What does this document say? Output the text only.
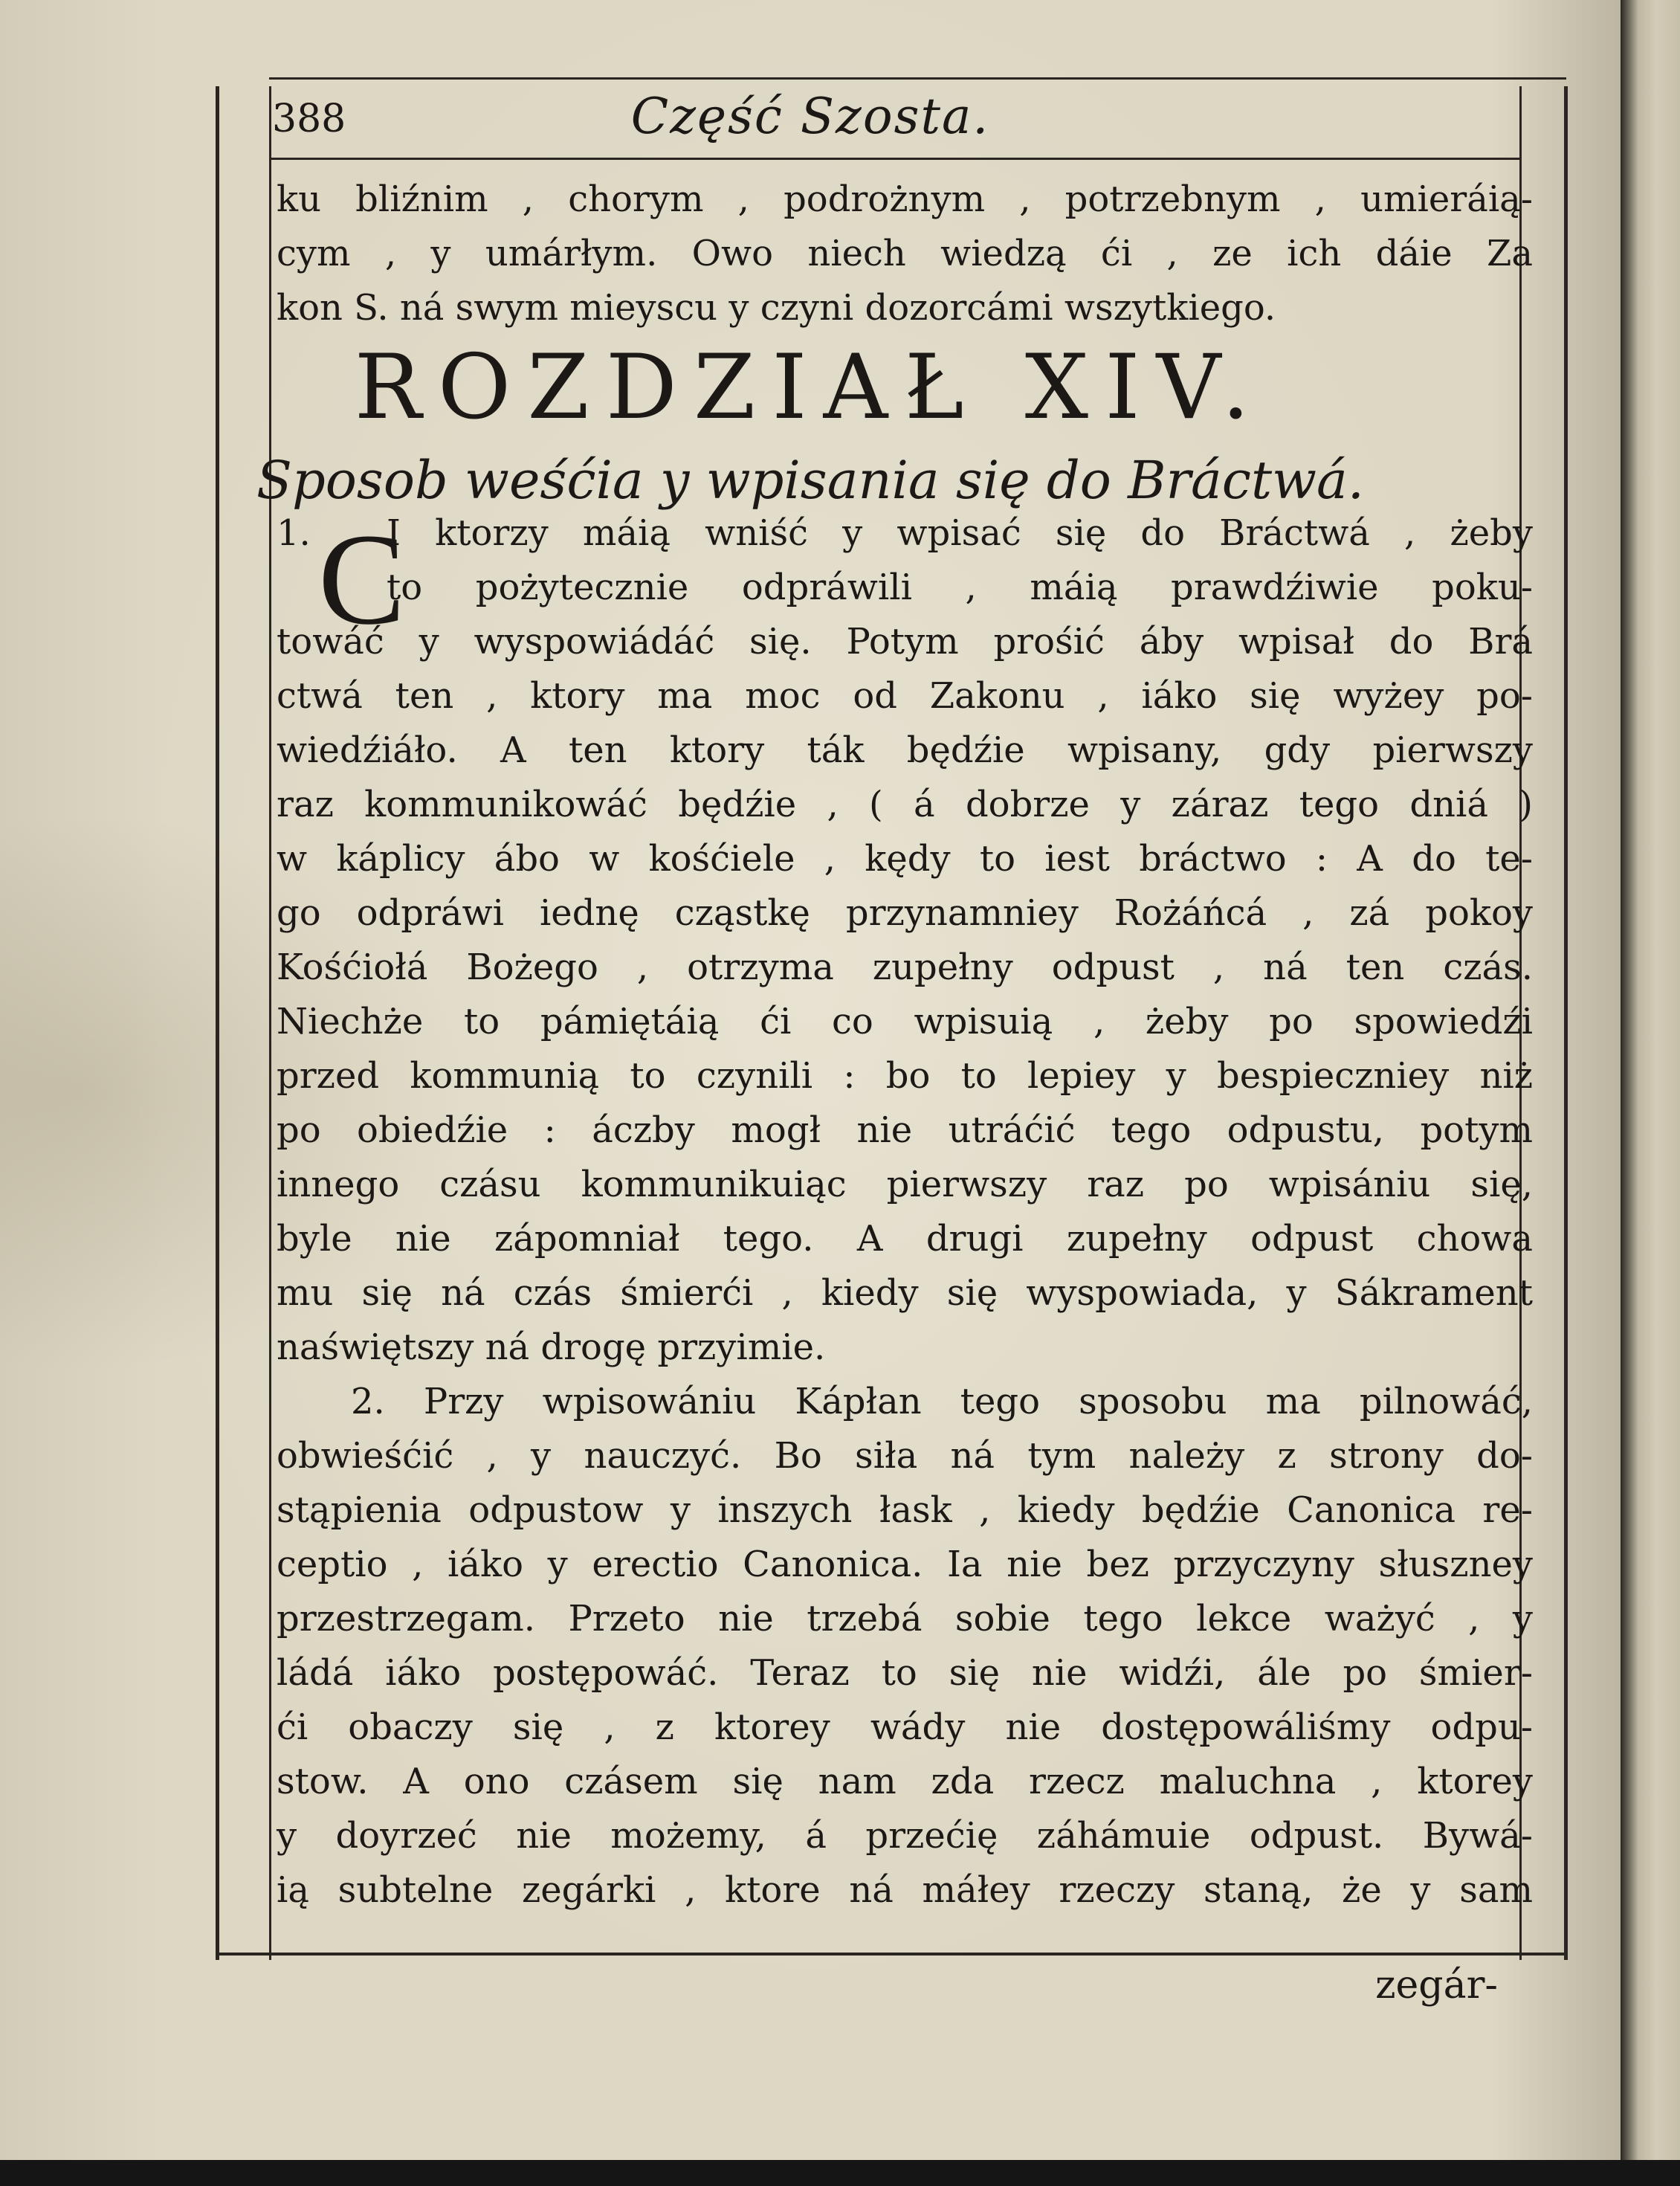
388	Część Szosta.
ku bliźnim , chorym , podrożnym , potrzebnym , umieráią-
cym , y umárłym. Owo niech wiedzą ći , ze ich dáie Za
kon S. ná swym mieyscu y czyni dozorcámi wszytkiego.
1. I ktorzy máią wniść y wpisać się do Bráctwá , żeby
to pożytecznie odpráwili , máią prawdźiwie poku-
towáć y wyspowiádáć się. Potym prośić áby wpisał do Brá
ctwá ten , ktory ma moc od Zakonu , iáko się wyżey po-
wiedźiáło. A ten ktory ták będźie wpisany, gdy pierwszy
raz kommunikowáć będźie , ( á dobrze y záraz tego dniá )
w káplicy ábo w kośćiele , kędy to iest bráctwo : A do te-
go odpráwi iednę cząstkę przynamniey Rożáńcá , zá pokoy
Kośćiołá Bożego , otrzyma zupełny odpust , ná ten czás.
Niechże to pámiętáią ći co wpisuią , żeby po spowiedźi
przed kommunią to czynili : bo to lepiey y bespieczniey niż
po obiedźie : áczby mogł nie utráćić tego odpustu, potym
innego czásu kommunikuiąc pierwszy raz po wpisániu się,
byle nie zápomniał tego. A drugi zupełny odpust chowa
mu się ná czás śmierći , kiedy się wyspowiada, y Sákrament
naświętszy ná drogę przyimie.
2. Przy wpisowániu Kápłan tego sposobu ma pilnowáć,
obwieśćić , y nauczyć. Bo siła ná tym należy z strony do-
stąpienia odpustow y inszych łask , kiedy będźie Canonica re-
ceptio , iáko y erectio Canonica. Ia nie bez przyczyny słuszney
przestrzegam. Przeto nie trzebá sobie tego lekce ważyć , y
ládá iáko postępowáć. Teraz to się nie widźi, ále po śmier-
ći obaczy się , z ktorey wády nie dostępowáliśmy odpu-
stow. A ono czásem się nam zda rzecz maluchna , ktorey
y doyrzeć nie możemy, á przećię záhámuie odpust. Bywá-
ią subtelne zegárki , ktore ná máłey rzeczy staną, że y sam
C
ROZDZIAŁ XIV.
Sposob weśćia y wpisania się do Bráctwá.
zegár-
